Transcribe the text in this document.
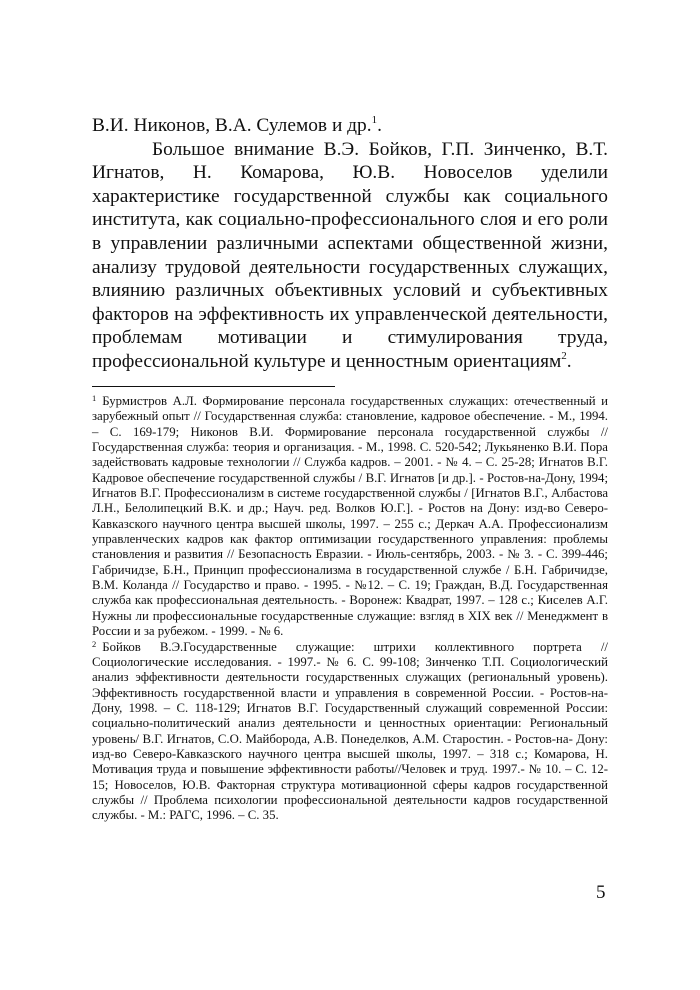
В.И. Никонов, В.А. Сулемов и др.$^1$.

Большое внимание В.Э. Бойков, Г.П. Зинченко, В.Т. Игнатов, Н. Комарова, Ю.В. Новоселов уделили характеристике государственной службы как социального института, как социально-профессионального слоя и его роли в управлении различными аспектами общественной жизни, анализу трудовой деятельности государственных служащих, влиянию различных объективных условий и субъективных факторов на эффективность их управленческой деятельности, проблемам мотивации и стимулирования труда, профессиональной культуре и ценностным ориентациям$^2$.

$^1$ Бурмистров А.Л. Формирование персонала государственных служащих: отечественный и зарубежный опыт // Государственная служба: становление, кадровое обеспечение. - М., 1994. – С. 169-179; Никонов В.И. Формирование персонала государственной службы // Государственная служба: теория и организация. - М., 1998. С. 520-542; Лукьяненко В.И. Пора задействовать кадровые технологии // Служба кадров. – 2001. - № 4. – С. 25-28; Игнатов В.Г. Кадровое обеспечение государственной службы / В.Г. Игнатов [и др.]. - Ростов-на-Дону, 1994; Игнатов В.Г. Профессионализм в системе государственной службы / [Игнатов В.Г., Албастова Л.Н., Белолипецкий В.К. и др.; Науч. ред. Волков Ю.Г.]. - Ростов на Дону: изд-во Северо-Кавказского научного центра высшей школы, 1997. – 255 с.; Деркач А.А. Профессионализм управленческих кадров как фактор оптимизации государственного управления: проблемы становления и развития // Безопасность Евразии. - Июль-сентябрь, 2003. - № 3. - С. 399-446; Габричидзе, Б.Н., Принцип профессионализма в государственной службе / Б.Н. Габричидзе, В.М. Коланда // Государство и право. - 1995. - №12. – С. 19; Граждан, В.Д. Государственная служба как профессиональная деятельность. - Воронеж: Квадрат, 1997. – 128 с.; Киселев А.Г. Нужны ли профессиональные государственные служащие: взгляд в XIX век // Менеджмент в России и за рубежом. - 1999. - № 6.

$^2$ Бойков В.Э.Государственные служащие: штрихи коллективного портрета // Социологические исследования. - 1997.- № 6. С. 99-108; Зинченко Т.П. Социологический анализ эффективности деятельности государственных служащих (региональный уровень). Эффективность государственной власти и управления в современной России. - Ростов-на-Дону, 1998. – С. 118-129; Игнатов В.Г. Государственный служащий современной России: социально-политический анализ деятельности и ценностных ориентации: Региональный уровень/ В.Г. Игнатов, С.О. Майборода, А.В. Понеделков, А.М. Старостин. - Ростов-на- Дону: изд-во Северо-Кавказского научного центра высшей школы, 1997. – 318 с.; Комарова, Н. Мотивация труда и повышение эффективности работы//Человек и труд. 1997.- № 10. – С. 12-15; Новоселов, Ю.В. Факторная структура мотивационной сферы кадров государственной службы // Проблема психологии профессиональной деятельности кадров государственной службы. - М.: РАГС, 1996. – С. 35.

5
